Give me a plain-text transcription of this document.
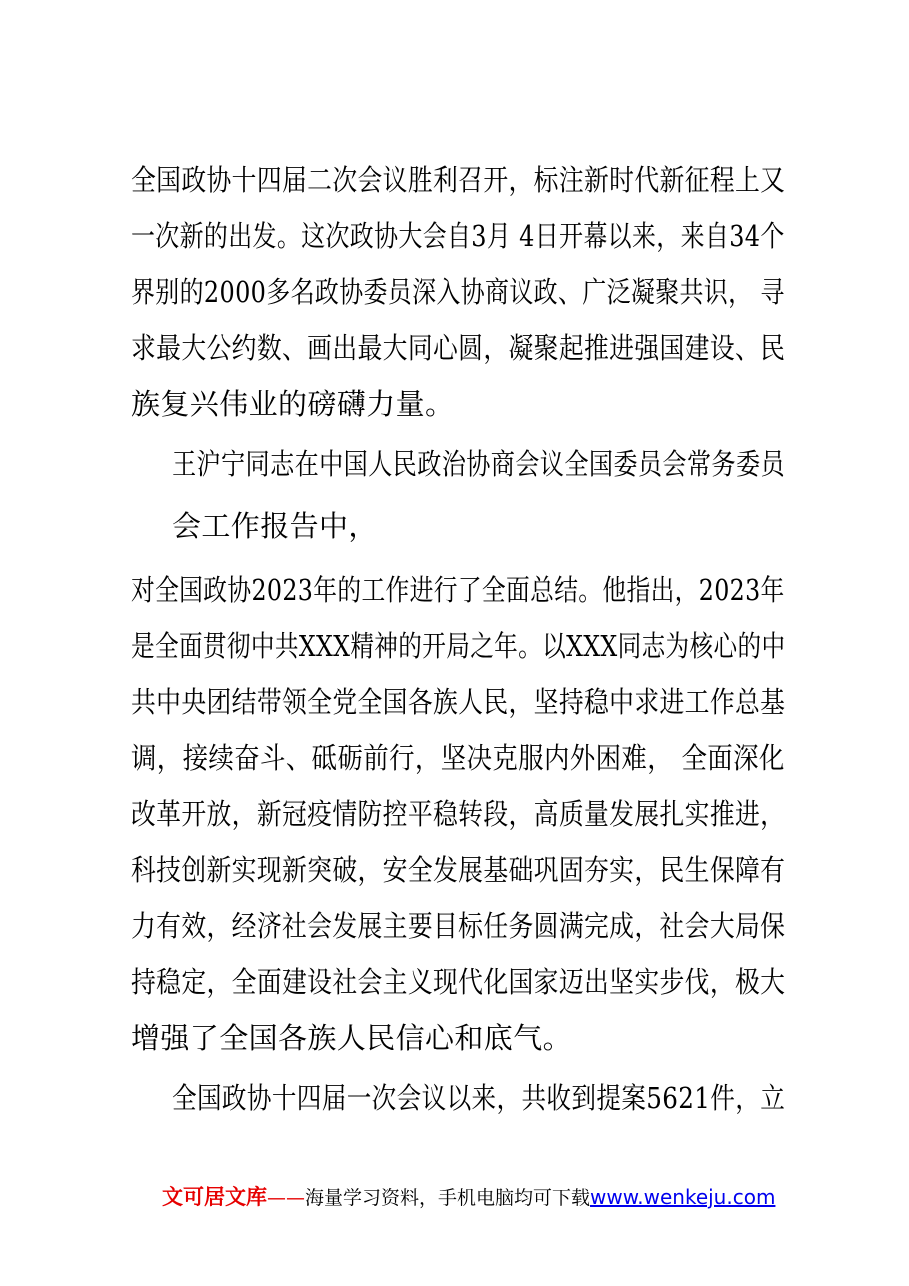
全国政协十四届二次会议胜利召开，标注新时代新征程上又
一次新的出发。这次政协大会自3月 4日开幕以来，来自34个
界别的2000多名政协委员深入协商议政、广泛凝聚共识， 寻
求最大公约数、画出最大同心圆，凝聚起推进强国建设、民
族复兴伟业的磅礴力量。
王沪宁同志在中国人民政治协商会议全国委员会常务委员
会工作报告中，
对全国政协2023年的工作进行了全面总结。他指出，2023年
是全面贯彻中共XXX精神的开局之年。以XXX同志为核心的中
共中央团结带领全党全国各族人民，坚持稳中求进工作总基
调，接续奋斗、砥砺前行，坚决克服内外困难， 全面深化
改革开放，新冠疫情防控平稳转段，高质量发展扎实推进，
科技创新实现新突破，安全发展基础巩固夯实，民生保障有
力有效，经济社会发展主要目标任务圆满完成，社会大局保
持稳定，全面建设社会主义现代化国家迈出坚实步伐，极大
增强了全国各族人民信心和底气。
全国政协十四届一次会议以来，共收到提案5621件，立
文可居文库——海量学习资料，手机电脑均可下载www.wenkeju.com
